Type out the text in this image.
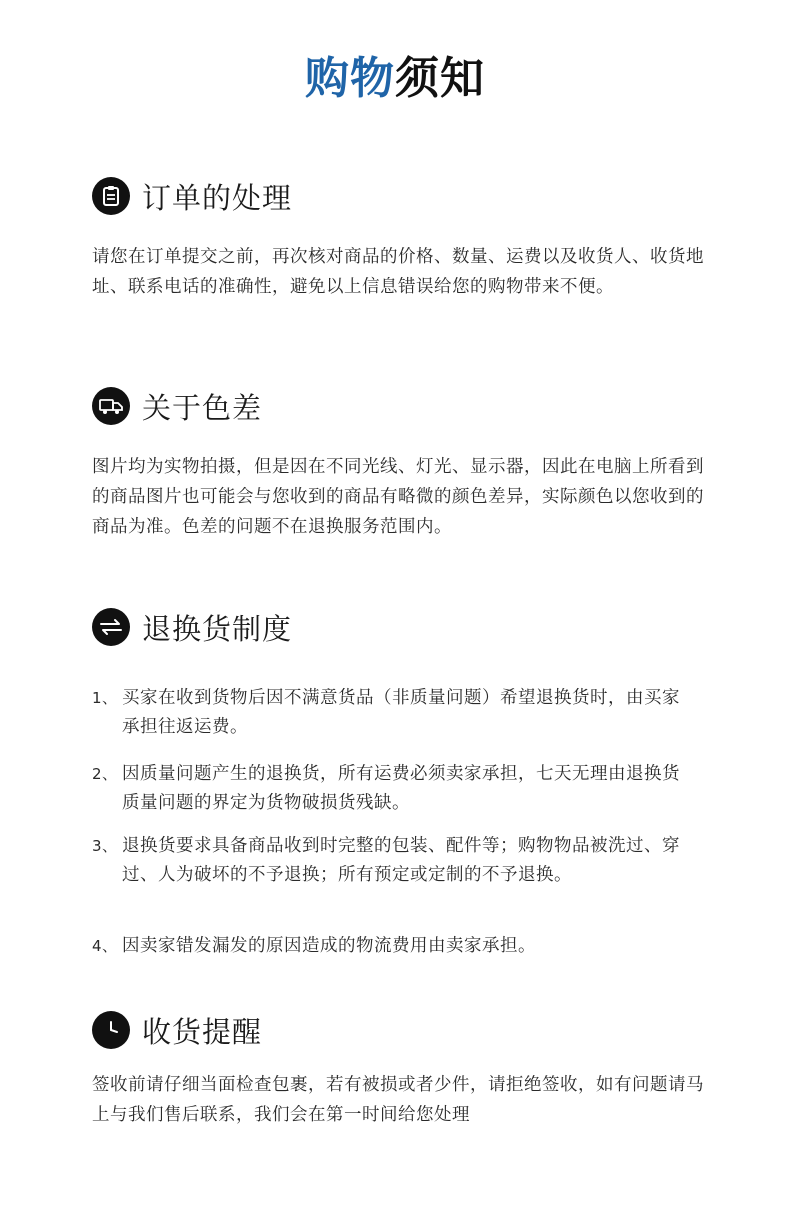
购物须知
订单的处理
请您在订单提交之前，再次核对商品的价格、数量、运费以及收货人、收货地址、联系电话的准确性，避免以上信息错误给您的购物带来不便。
关于色差
图片均为实物拍摄，但是因在不同光线、灯光、显示器，因此在电脑上所看到的商品图片也可能会与您收到的商品有略微的颜色差异，实际颜色以您收到的商品为准。色差的问题不在退换服务范围内。
退换货制度
1、 买家在收到货物后因不满意货品（非质量问题）希望退换货时，由买家承担往返运费。
2、 因质量问题产生的退换货，所有运费必须卖家承担，七天无理由退换货质量问题的界定为货物破损货残缺。
3、 退换货要求具备商品收到时完整的包装、配件等；购物物品被洗过、穿过、人为破坏的不予退换；所有预定或定制的不予退换。
4、 因卖家错发漏发的原因造成的物流费用由卖家承担。
收货提醒
签收前请仔细当面检查包裹，若有被损或者少件，请拒绝签收，如有问题请马上与我们售后联系，我们会在第一时间给您处理
